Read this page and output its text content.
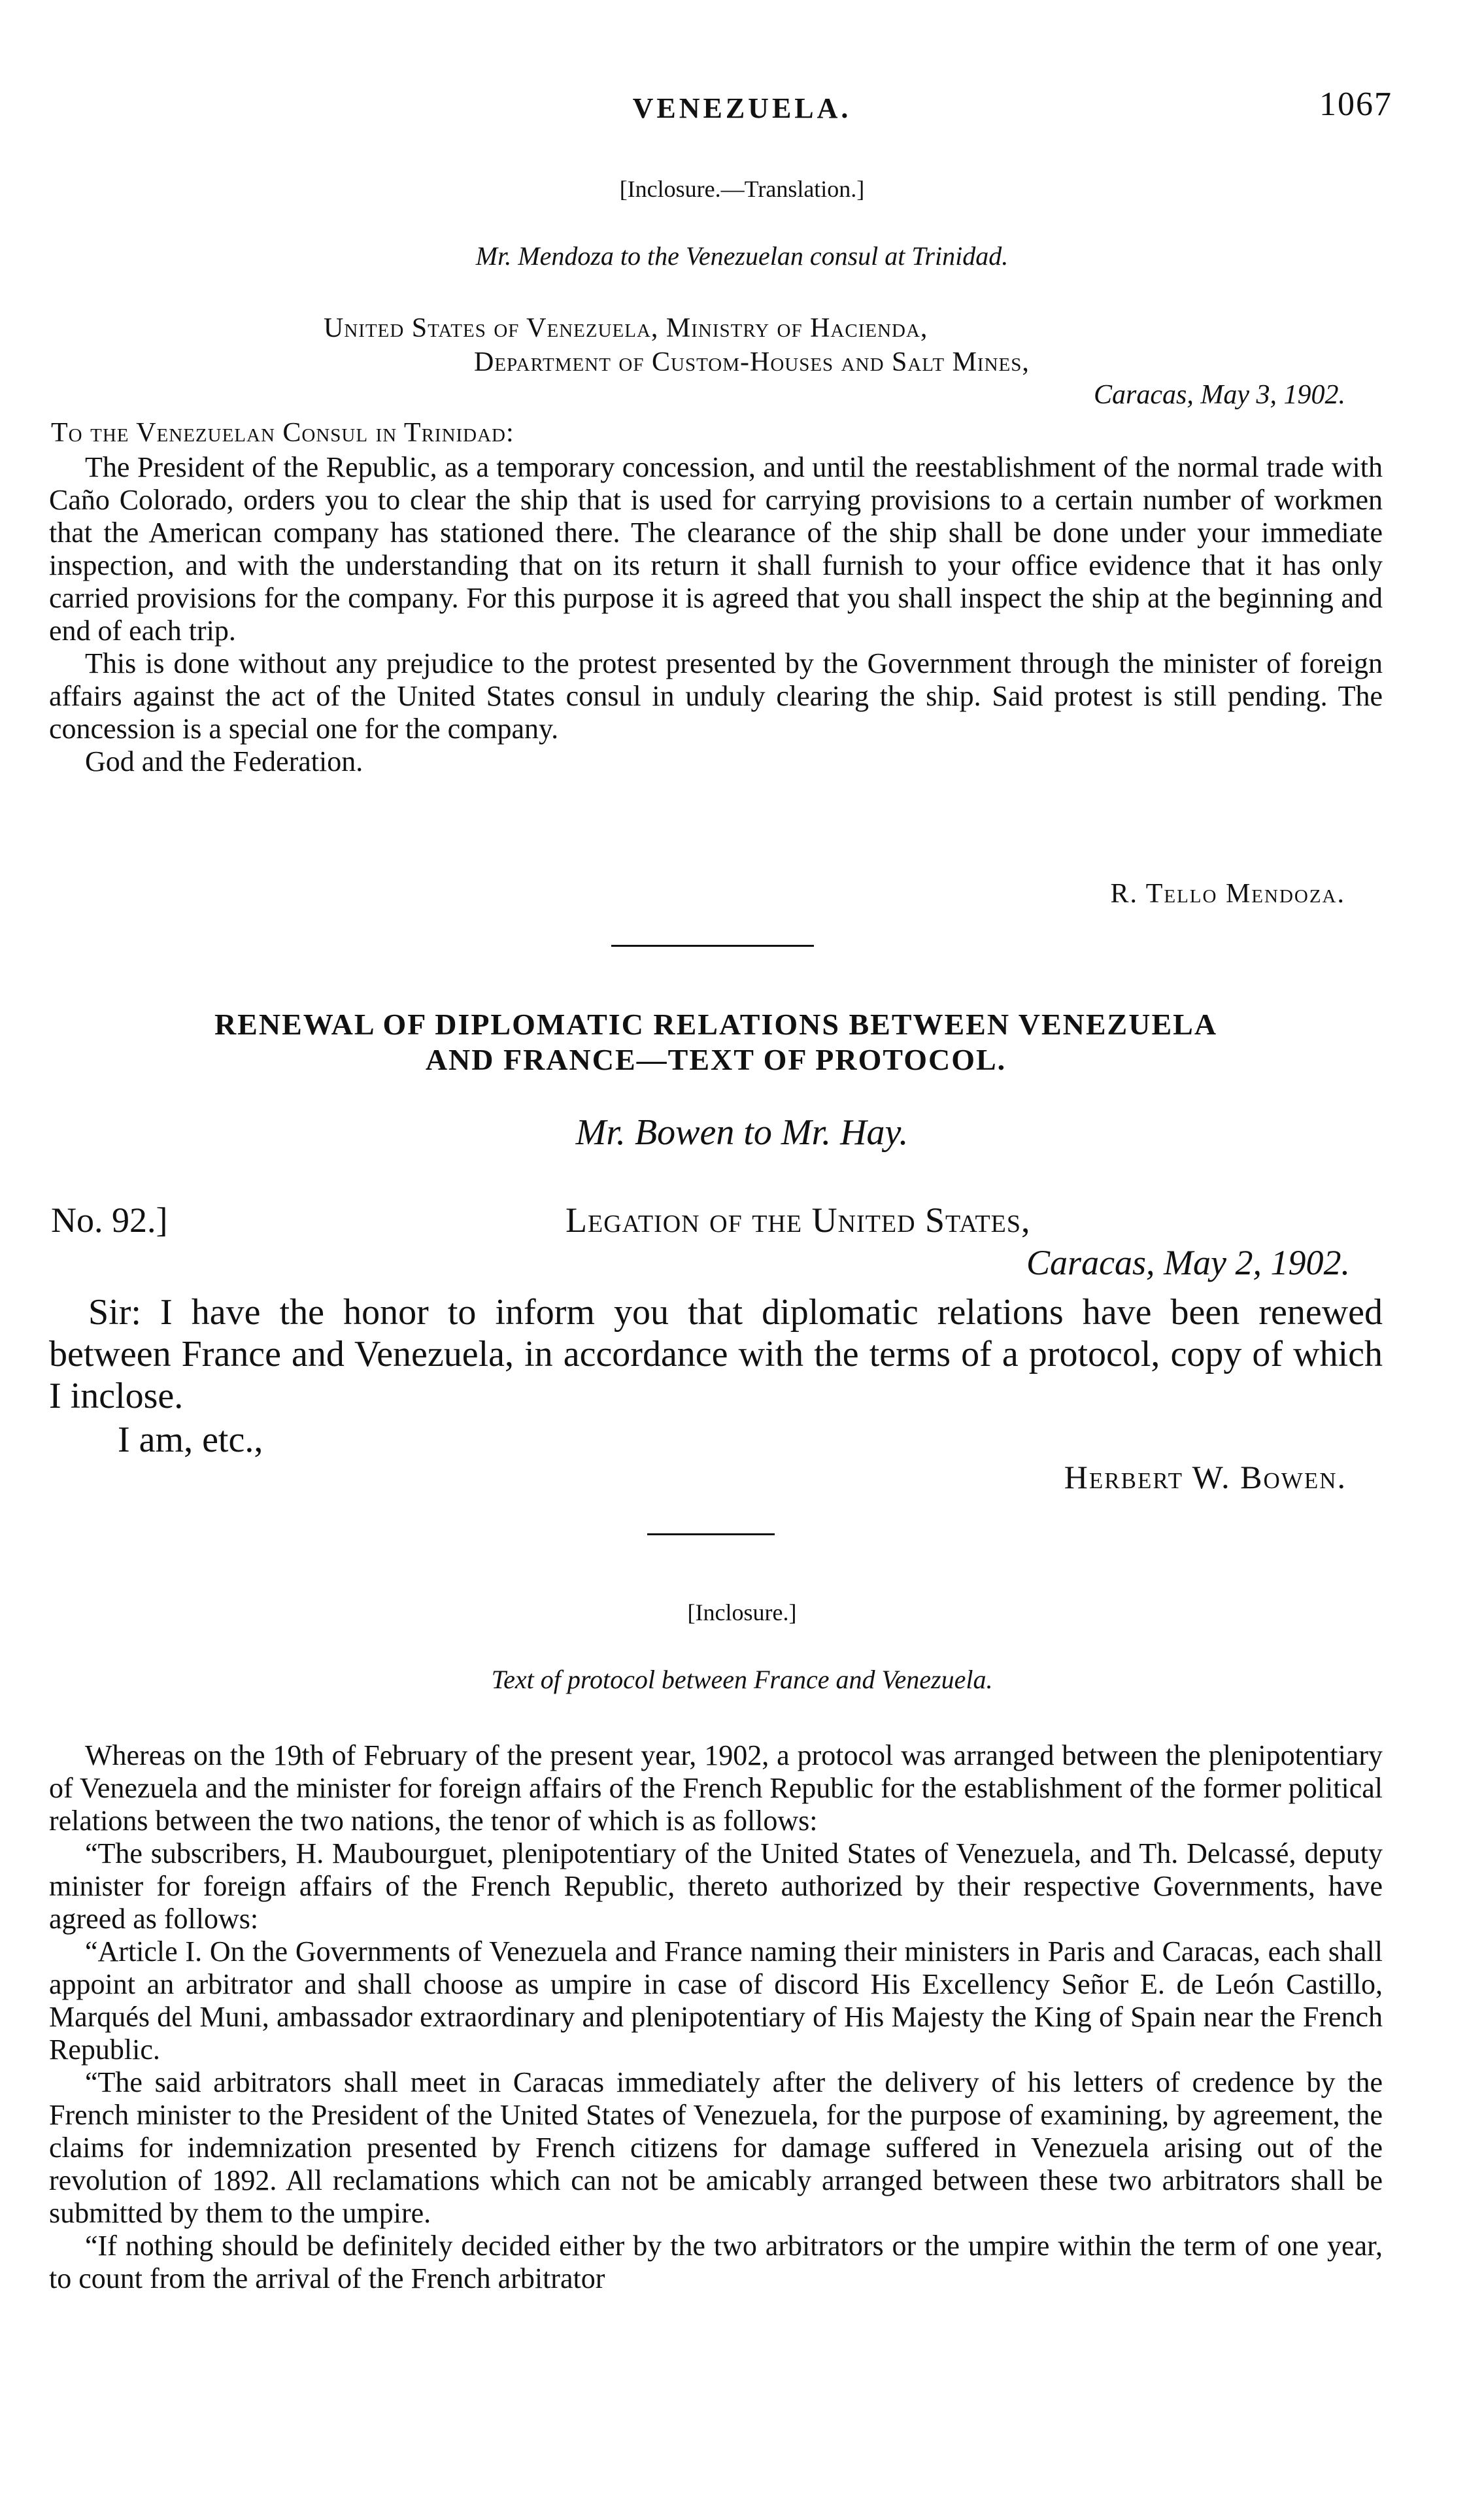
VENEZUELA.	1067
[Inclosure.—Translation.]
Mr. Mendoza to the Venezuelan consul at Trinidad.
United States of Venezuela, Ministry of Hacienda,
Department of Custom-Houses and Salt Mines,
Caracas, May 3, 1902.
To the Venezuelan Consul in Trinidad:

The President of the Republic, as a temporary concession, and until the reestablishment of the normal trade with Caño Colorado, orders you to clear the ship that is used for carrying provisions to a certain number of workmen that the American company has stationed there. The clearance of the ship shall be done under your immediate inspection, and with the understanding that on its return it shall furnish to your office evidence that it has only carried provisions for the company. For this purpose it is agreed that you shall inspect the ship at the beginning and end of each trip.

This is done without any prejudice to the protest presented by the Government through the minister of foreign affairs against the act of the United States consul in unduly clearing the ship. Said protest is still pending. The concession is a special one for the company.

God and the Federation.

R. Tello Mendoza.
RENEWAL OF DIPLOMATIC RELATIONS BETWEEN VENEZUELA
AND FRANCE—TEXT OF PROTOCOL.
Mr. Bowen to Mr. Hay.
No. 92.]	Legation of the United States,
Caracas, May 2, 1902.

Sir: I have the honor to inform you that diplomatic relations have been renewed between France and Venezuela, in accordance with the terms of a protocol, copy of which I inclose.

I am, etc.,
Herbert W. Bowen.
[Inclosure.]
Text of protocol between France and Venezuela.

Whereas on the 19th of February of the present year, 1902, a protocol was arranged between the plenipotentiary of Venezuela and the minister for foreign affairs of the French Republic for the establishment of the former political relations between the two nations, the tenor of which is as follows:

“The subscribers, H. Maubourguet, plenipotentiary of the United States of Venezuela, and Th. Delcassé, deputy minister for foreign affairs of the French Republic, thereto authorized by their respective Governments, have agreed as follows:

“Article I. On the Governments of Venezuela and France naming their ministers in Paris and Caracas, each shall appoint an arbitrator and shall choose as umpire in case of discord His Excellency Señor E. de León Castillo, Marqués del Muni, ambassador extraordinary and plenipotentiary of His Majesty the King of Spain near the French Republic.

“The said arbitrators shall meet in Caracas immediately after the delivery of his letters of credence by the French minister to the President of the United States of Venezuela, for the purpose of examining, by agreement, the claims for indemnization presented by French citizens for damage suffered in Venezuela arising out of the revolution of 1892. All reclamations which can not be amicably arranged between these two arbitrators shall be submitted by them to the umpire.

“If nothing should be definitely decided either by the two arbitrators or the umpire within the term of one year, to count from the arrival of the French arbitrator
